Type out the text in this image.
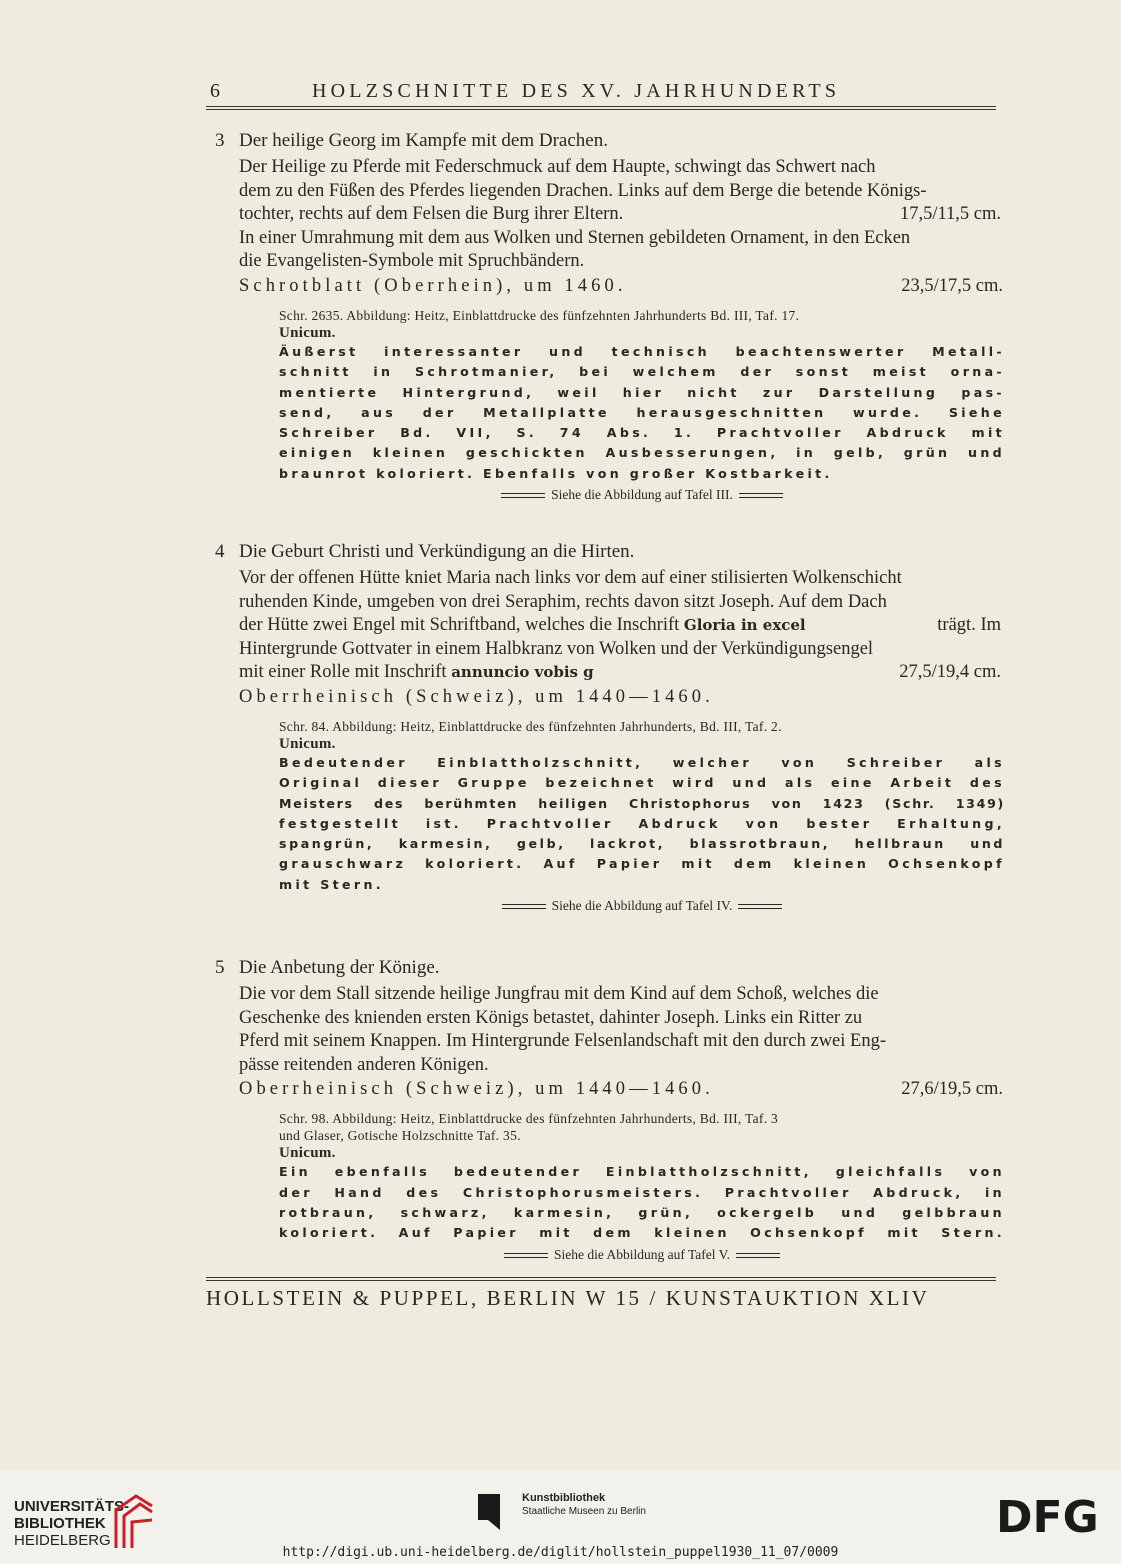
6	HOLZSCHNITTE DES XV. JAHRHUNDERTS
3 Der heilige Georg im Kampfe mit dem Drachen.
Der Heilige zu Pferde mit Federschmuck auf dem Haupte, schwingt das Schwert nach
dem zu den Füßen des Pferdes liegenden Drachen. Links auf dem Berge die betende Königs-
tochter, rechts auf dem Felsen die Burg ihrer Eltern.	17,5/11,5 cm.
In einer Umrahmung mit dem aus Wolken und Sternen gebildeten Ornament, in den Ecken
die Evangelisten-Symbole mit Spruchbändern.
Schrotblatt (Oberrhein), um 1460.	23,5/17,5 cm.
Schr. 2635. Abbildung: Heitz, Einblattdrucke des fünfzehnten Jahrhunderts Bd. III, Taf. 17.
Unicum.
Äußerst interessanter und technisch beachtenswerter Metall-
schnitt in Schrotmanier, bei welchem der sonst meist orna-
mentierte Hintergrund, weil hier nicht zur Darstellung pas-
send, aus der Metallplatte herausgeschnitten wurde. Siehe
Schreiber Bd. VII, S. 74 Abs. 1. Prachtvoller Abdruck mit
einigen kleinen geschickten Ausbesserungen, in gelb, grün und
braunrot koloriert. Ebenfalls von großer Kostbarkeit.
Siehe die Abbildung auf Tafel III.
4 Die Geburt Christi und Verkündigung an die Hirten.
Vor der offenen Hütte kniet Maria nach links vor dem auf einer stilisierten Wolkenschicht
ruhenden Kinde, umgeben von drei Seraphim, rechts davon sitzt Joseph. Auf dem Dach
der Hütte zwei Engel mit Schriftband, welches die Inschrift Gloria in excel	trägt. Im
Hintergrunde Gottvater in einem Halbkranz von Wolken und der Verkündigungsengel
mit einer Rolle mit Inschrift annuncio vobis g	27,5/19,4 cm.
Oberrheinisch (Schweiz), um 1440—1460.
Schr. 84. Abbildung: Heitz, Einblattdrucke des fünfzehnten Jahrhunderts, Bd. III, Taf. 2.
Unicum.
Bedeutender Einblattholzschnitt, welcher von Schreiber als
Original dieser Gruppe bezeichnet wird und als eine Arbeit des
Meisters des berühmten heiligen Christophorus von 1423 (Schr. 1349)
festgestellt ist. Prachtvoller Abdruck von bester Erhaltung,
spangrün, karmesin, gelb, lackrot, blassrotbraun, hellbraun und
grauschwarz koloriert. Auf Papier mit dem kleinen Ochsenkopf
mit Stern.
Siehe die Abbildung auf Tafel IV.
5 Die Anbetung der Könige.
Die vor dem Stall sitzende heilige Jungfrau mit dem Kind auf dem Schoß, welches die
Geschenke des knienden ersten Königs betastet, dahinter Joseph. Links ein Ritter zu
Pferd mit seinem Knappen. Im Hintergrunde Felsenlandschaft mit den durch zwei Eng-
pässe reitenden anderen Königen.
Oberrheinisch (Schweiz), um 1440—1460.	27,6/19,5 cm.
Schr. 98. Abbildung: Heitz, Einblattdrucke des fünfzehnten Jahrhunderts, Bd. III, Taf. 3
und Glaser, Gotische Holzschnitte Taf. 35.
Unicum.
Ein ebenfalls bedeutender Einblattholzschnitt, gleichfalls von
der Hand des Christophorusmeisters. Prachtvoller Abdruck, in
rotbraun, schwarz, karmesin, grün, ockergelb und gelbbraun
koloriert. Auf Papier mit dem kleinen Ochsenkopf mit Stern.
Siehe die Abbildung auf Tafel V.
HOLLSTEIN & PUPPEL, BERLIN W 15 / KUNSTAUKTION XLIV
UNIVERSITÄTS-
BIBLIOTHEK
HEIDELBERG
Kunstbibliothek
Staatliche Museen zu Berlin	DFG
http://digi.ub.uni-heidelberg.de/diglit/hollstein_puppel1930_11_07/0009
